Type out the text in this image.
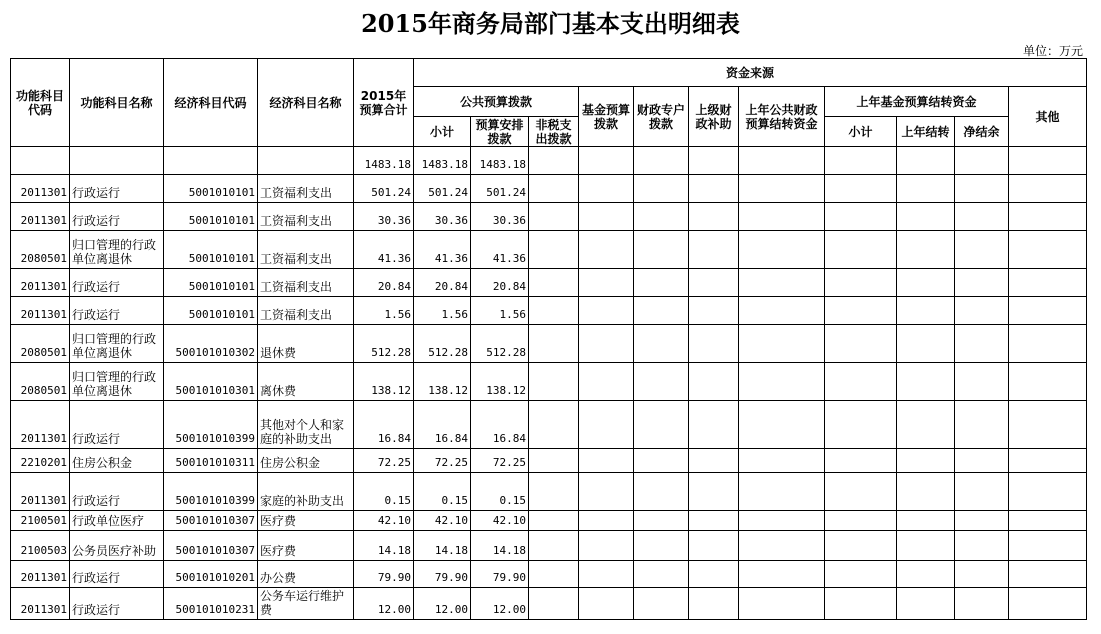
2015年商务局部门基本支出明细表
单位：万元
功能科目代码	功能科目名称	经济科目代码	经济科目名称	2015年预算合计	资金来源										
					公共预算拨款			基金预算拨款	财政专户拨款	上级财政补助	上年公共财政预算结转资金	上年基金预算结转资金			其他
					小计	预算安排拨款	非税支出拨款					小计	上年结转	净结余	
				1483.18	1483.18	1483.18									
2011301	行政运行	5001010101	工资福利支出	501.24	501.24	501.24									
2011301	行政运行	5001010101	工资福利支出	30.36	30.36	30.36									
2080501	归口管理的行政单位离退休	5001010101	工资福利支出	41.36	41.36	41.36									
2011301	行政运行	5001010101	工资福利支出	20.84	20.84	20.84									
2011301	行政运行	5001010101	工资福利支出	1.56	1.56	1.56									
2080501	归口管理的行政单位离退休	500101010302	退休费	512.28	512.28	512.28									
2080501	归口管理的行政单位离退休	500101010301	离休费	138.12	138.12	138.12									
2011301	行政运行	500101010399	其他对个人和家庭的补助支出	16.84	16.84	16.84									
2210201	住房公积金	500101010311	住房公积金	72.25	72.25	72.25									
2011301	行政运行	500101010399	家庭的补助支出	0.15	0.15	0.15									
2100501	行政单位医疗	500101010307	医疗费	42.10	42.10	42.10									
2100503	公务员医疗补助	500101010307	医疗费	14.18	14.18	14.18									
2011301	行政运行	500101010201	办公费	79.90	79.90	79.90									
2011301	行政运行	500101010231	公务车运行维护费	12.00	12.00	12.00									
